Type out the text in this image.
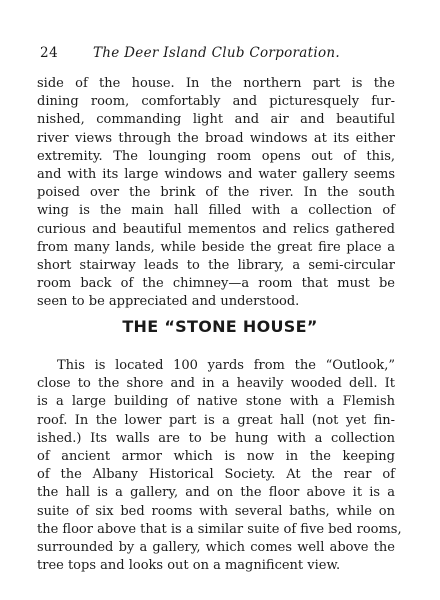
24	The Deer Island Club Corporation.
side of the house. In the northern part is the
dining room, comfortably and picturesquely fur-
nished, commanding light and air and beautiful
river views through the broad windows at its either
extremity. The lounging room opens out of this,
and with its large windows and water gallery seems
poised over the brink of the river. In the south
wing is the main hall filled with a collection of
curious and beautiful mementos and relics gathered
from many lands, while beside the great fire place a
short stairway leads to the library, a semi-circular
room back of the chimney—a room that must be
seen to be appreciated and understood.
THE “STONE HOUSE”
This is located 100 yards from the “Outlook,”
close to the shore and in a heavily wooded dell. It
is a large building of native stone with a Flemish
roof. In the lower part is a great hall (not yet fin-
ished.) Its walls are to be hung with a collection
of ancient armor which is now in the keeping
of the Albany Historical Society. At the rear of
the hall is a gallery, and on the floor above it is a
suite of six bed rooms with several baths, while on
the floor above that is a similar suite of five bed rooms,
surrounded by a gallery, which comes well above the
tree tops and looks out on a magnificent view.
